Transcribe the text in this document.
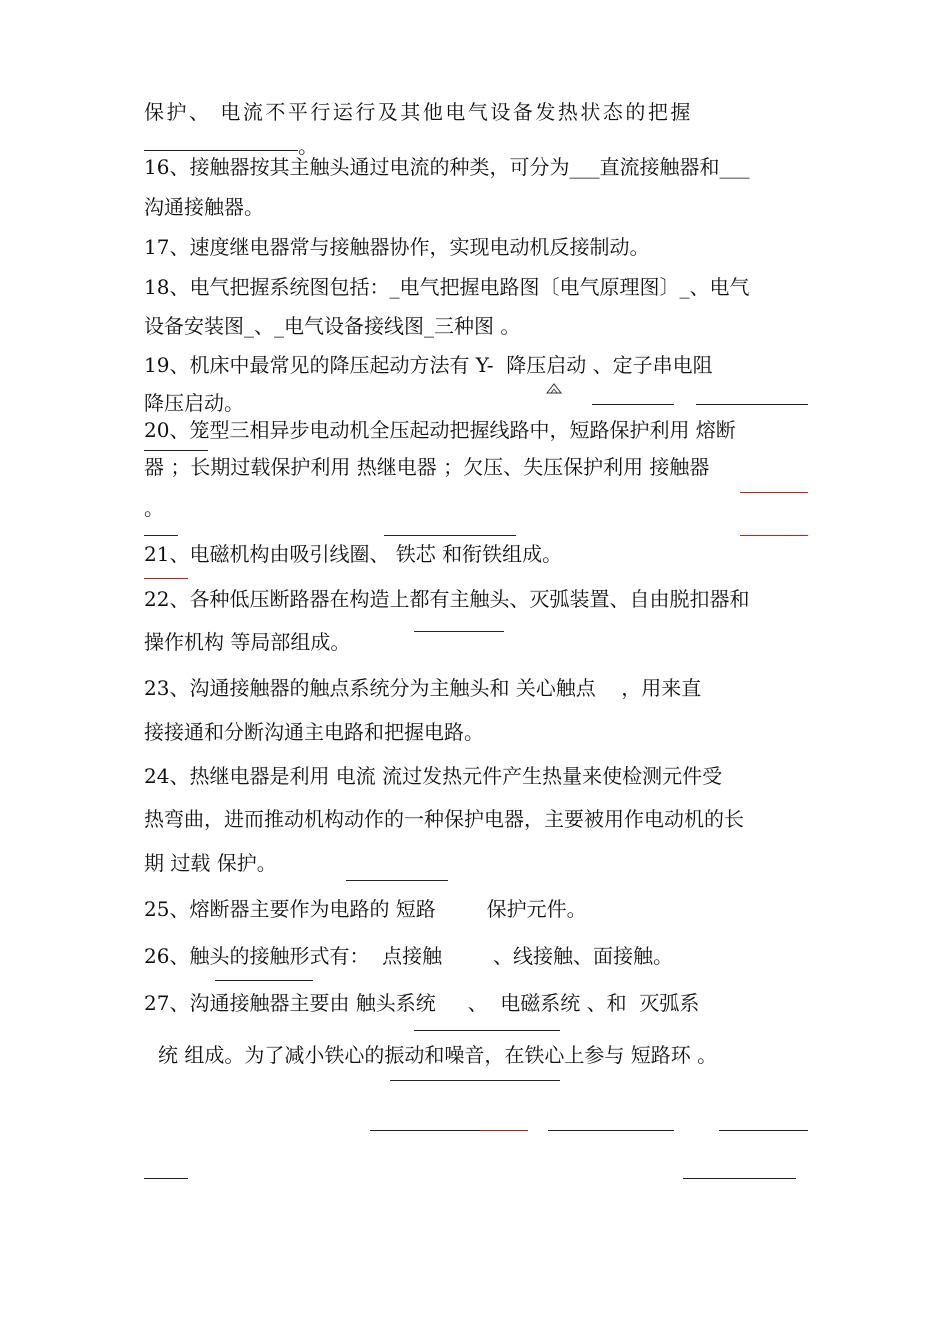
保护、 电流不平行运行及其他电气设备发热状态的把握
。
16、接触器按其主触头通过电流的种类，可分为___直流接触器和___
沟通接触器。
17、速度继电器常与接触器协作，实现电动机反接制动。
18、电气把握系统图包括：_电气把握电路图〔电气原理图〕_、电气
设备安装图_、_电气设备接线图_三种图 。
19、机床中最常见的降压起动方法有 Y-  降压启动 、定子串电阻
降压启动。
20、笼型三相异步电动机全压起动把握线路中，短路保护利用 熔断
器 ；长期过载保护利用 热继电器 ；欠压、失压保护利用 接触器
。
21、电磁机构由吸引线圈、 铁芯 和衔铁组成。
22、各种低压断路器在构造上都有主触头、灭弧装置、自由脱扣器和
操作机构 等局部组成。
23、沟通接触器的触点系统分为主触头和 关心触点    ，用来直
接接通和分断沟通主电路和把握电路。
24、热继电器是利用 电流 流过发热元件产生热量来使检测元件受
热弯曲，进而推动机构动作的一种保护电器，主要被用作电动机的长
期 过载 保护。
25、熔断器主要作为电路的 短路        保护元件。
26、触头的接触形式有：  点接触        、线接触、面接触。
27、沟通接触器主要由 触头系统     、  电磁系统 、和  灭弧系
统 组成。为了减小铁心的振动和噪音，在铁心上参与 短路环 。
